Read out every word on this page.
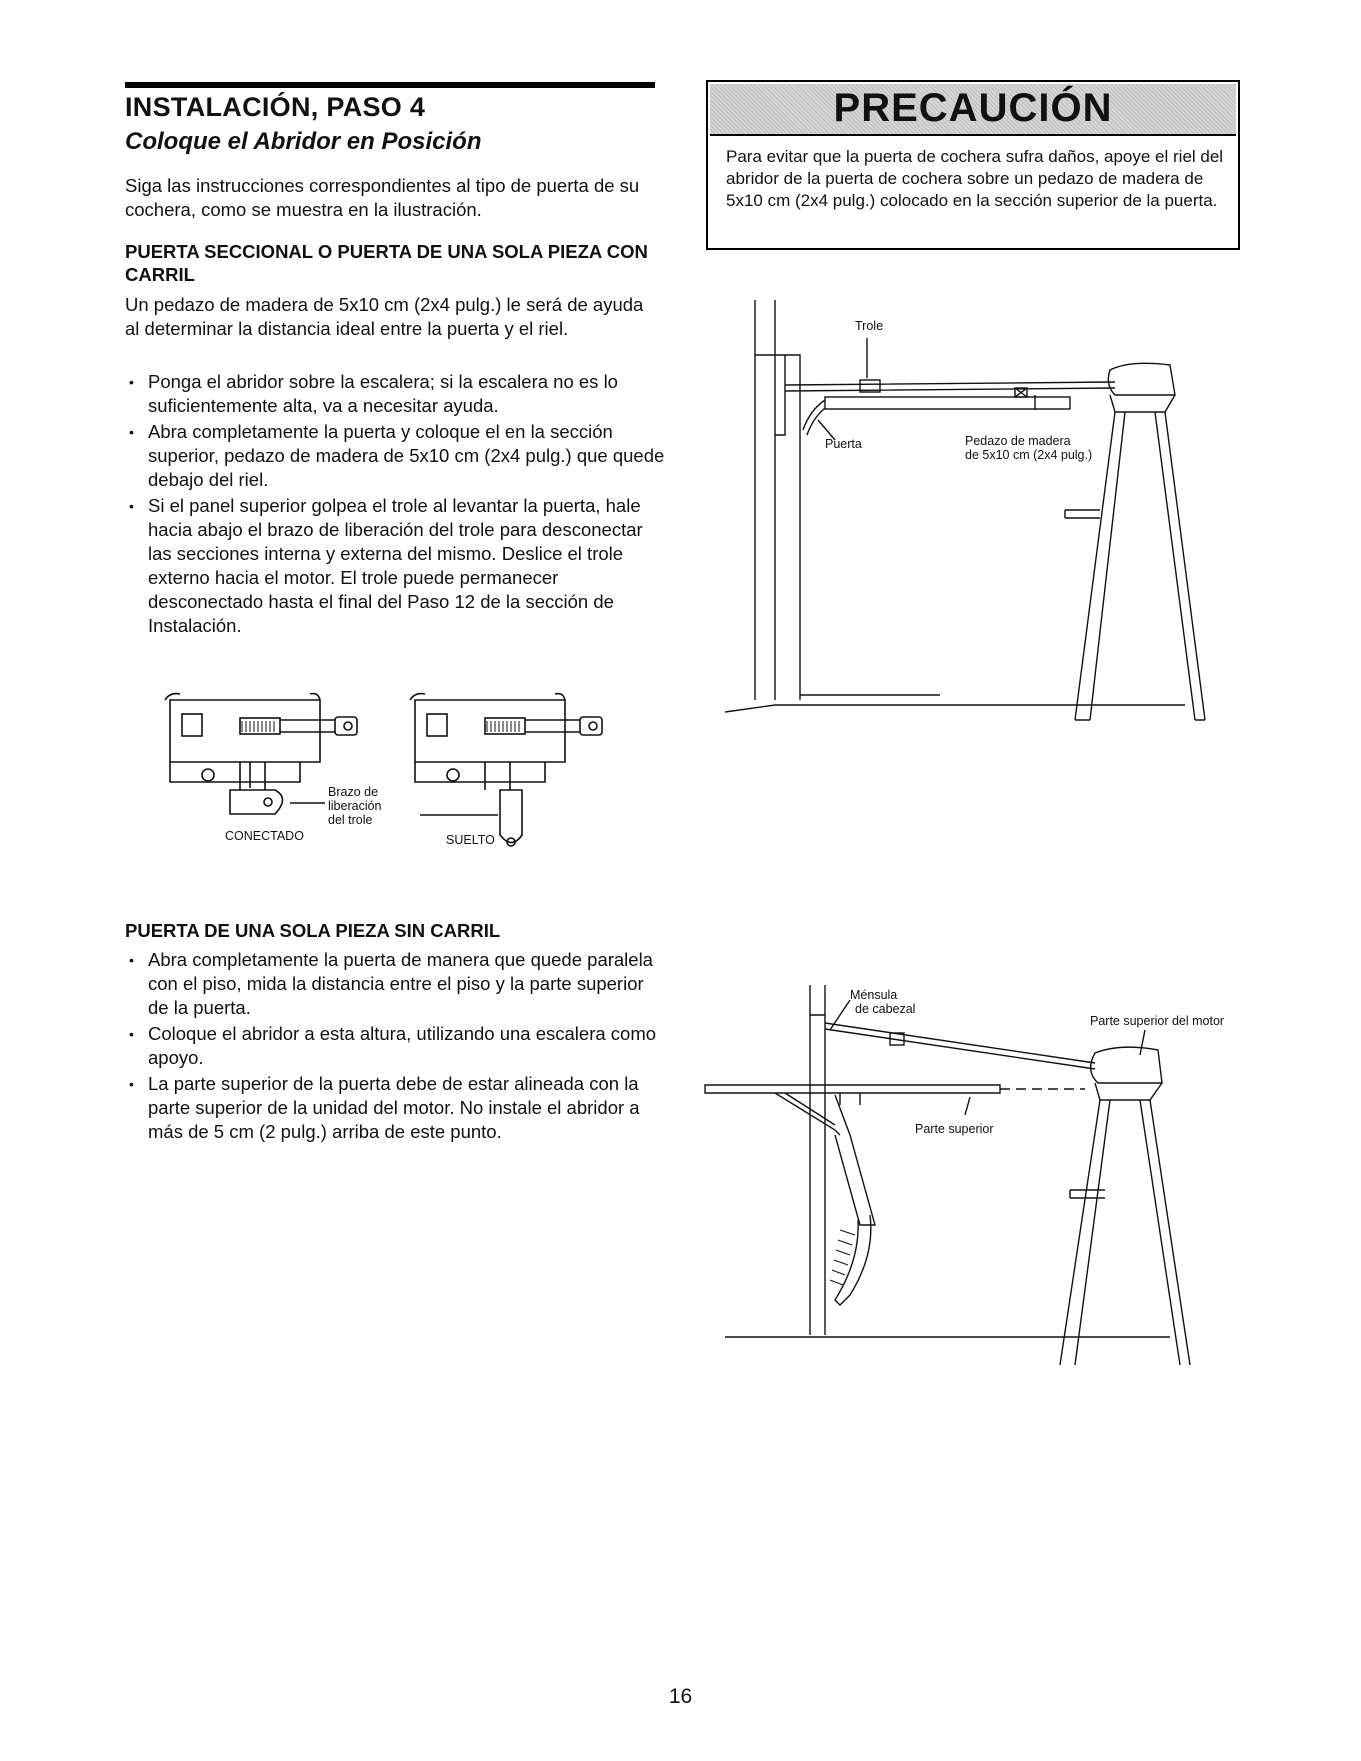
INSTALACIÓN, PASO 4
Coloque el Abridor en Posición
Siga las instrucciones correspondientes al tipo de puerta de su cochera, como se muestra en la ilustración.
PUERTA SECCIONAL O PUERTA DE UNA SOLA PIEZA CON CARRIL
Un pedazo de madera de 5x10 cm (2x4 pulg.) le será de ayuda al determinar la distancia ideal entre la puerta y el riel.
• Ponga el abridor sobre la escalera; si la escalera no es lo suficientemente alta, va a necesitar ayuda.
• Abra completamente la puerta y coloque el en la sección superior, pedazo de madera de 5x10 cm (2x4 pulg.) que quede debajo del riel.
• Si el panel superior golpea el trole al levantar la puerta, hale hacia abajo el brazo de liberación del trole para desconectar las secciones interna y externa del mismo. Deslice el trole externo hacia el motor. El trole puede permanecer desconectado hasta el final del Paso 12 de la sección de Instalación.
PUERTA DE UNA SOLA PIEZA SIN CARRIL
• Abra completamente la puerta de manera que quede paralela con el piso, mida la distancia entre el piso y la parte superior de la puerta.
• Coloque el abridor a esta altura, utilizando una escalera como apoyo.
• La parte superior de la puerta debe de estar alineada con la parte superior de la unidad del motor. No instale el abridor a más de 5 cm (2 pulg.) arriba de este punto.
PRECAUCIÓN
Para evitar que la puerta de cochera sufra daños, apoye el riel del abridor de la puerta de cochera sobre un pedazo de madera de 5x10 cm (2x4 pulg.) colocado en la sección superior de la puerta.
CONECTADO
Brazo de
liberación
del trole
SUELTO
Trole
Puerta	Pedazo de madera
de 5x10 cm (2x4 pulg.)
Ménsula
de cabezal
Parte superior del motor
Parte superior
16
